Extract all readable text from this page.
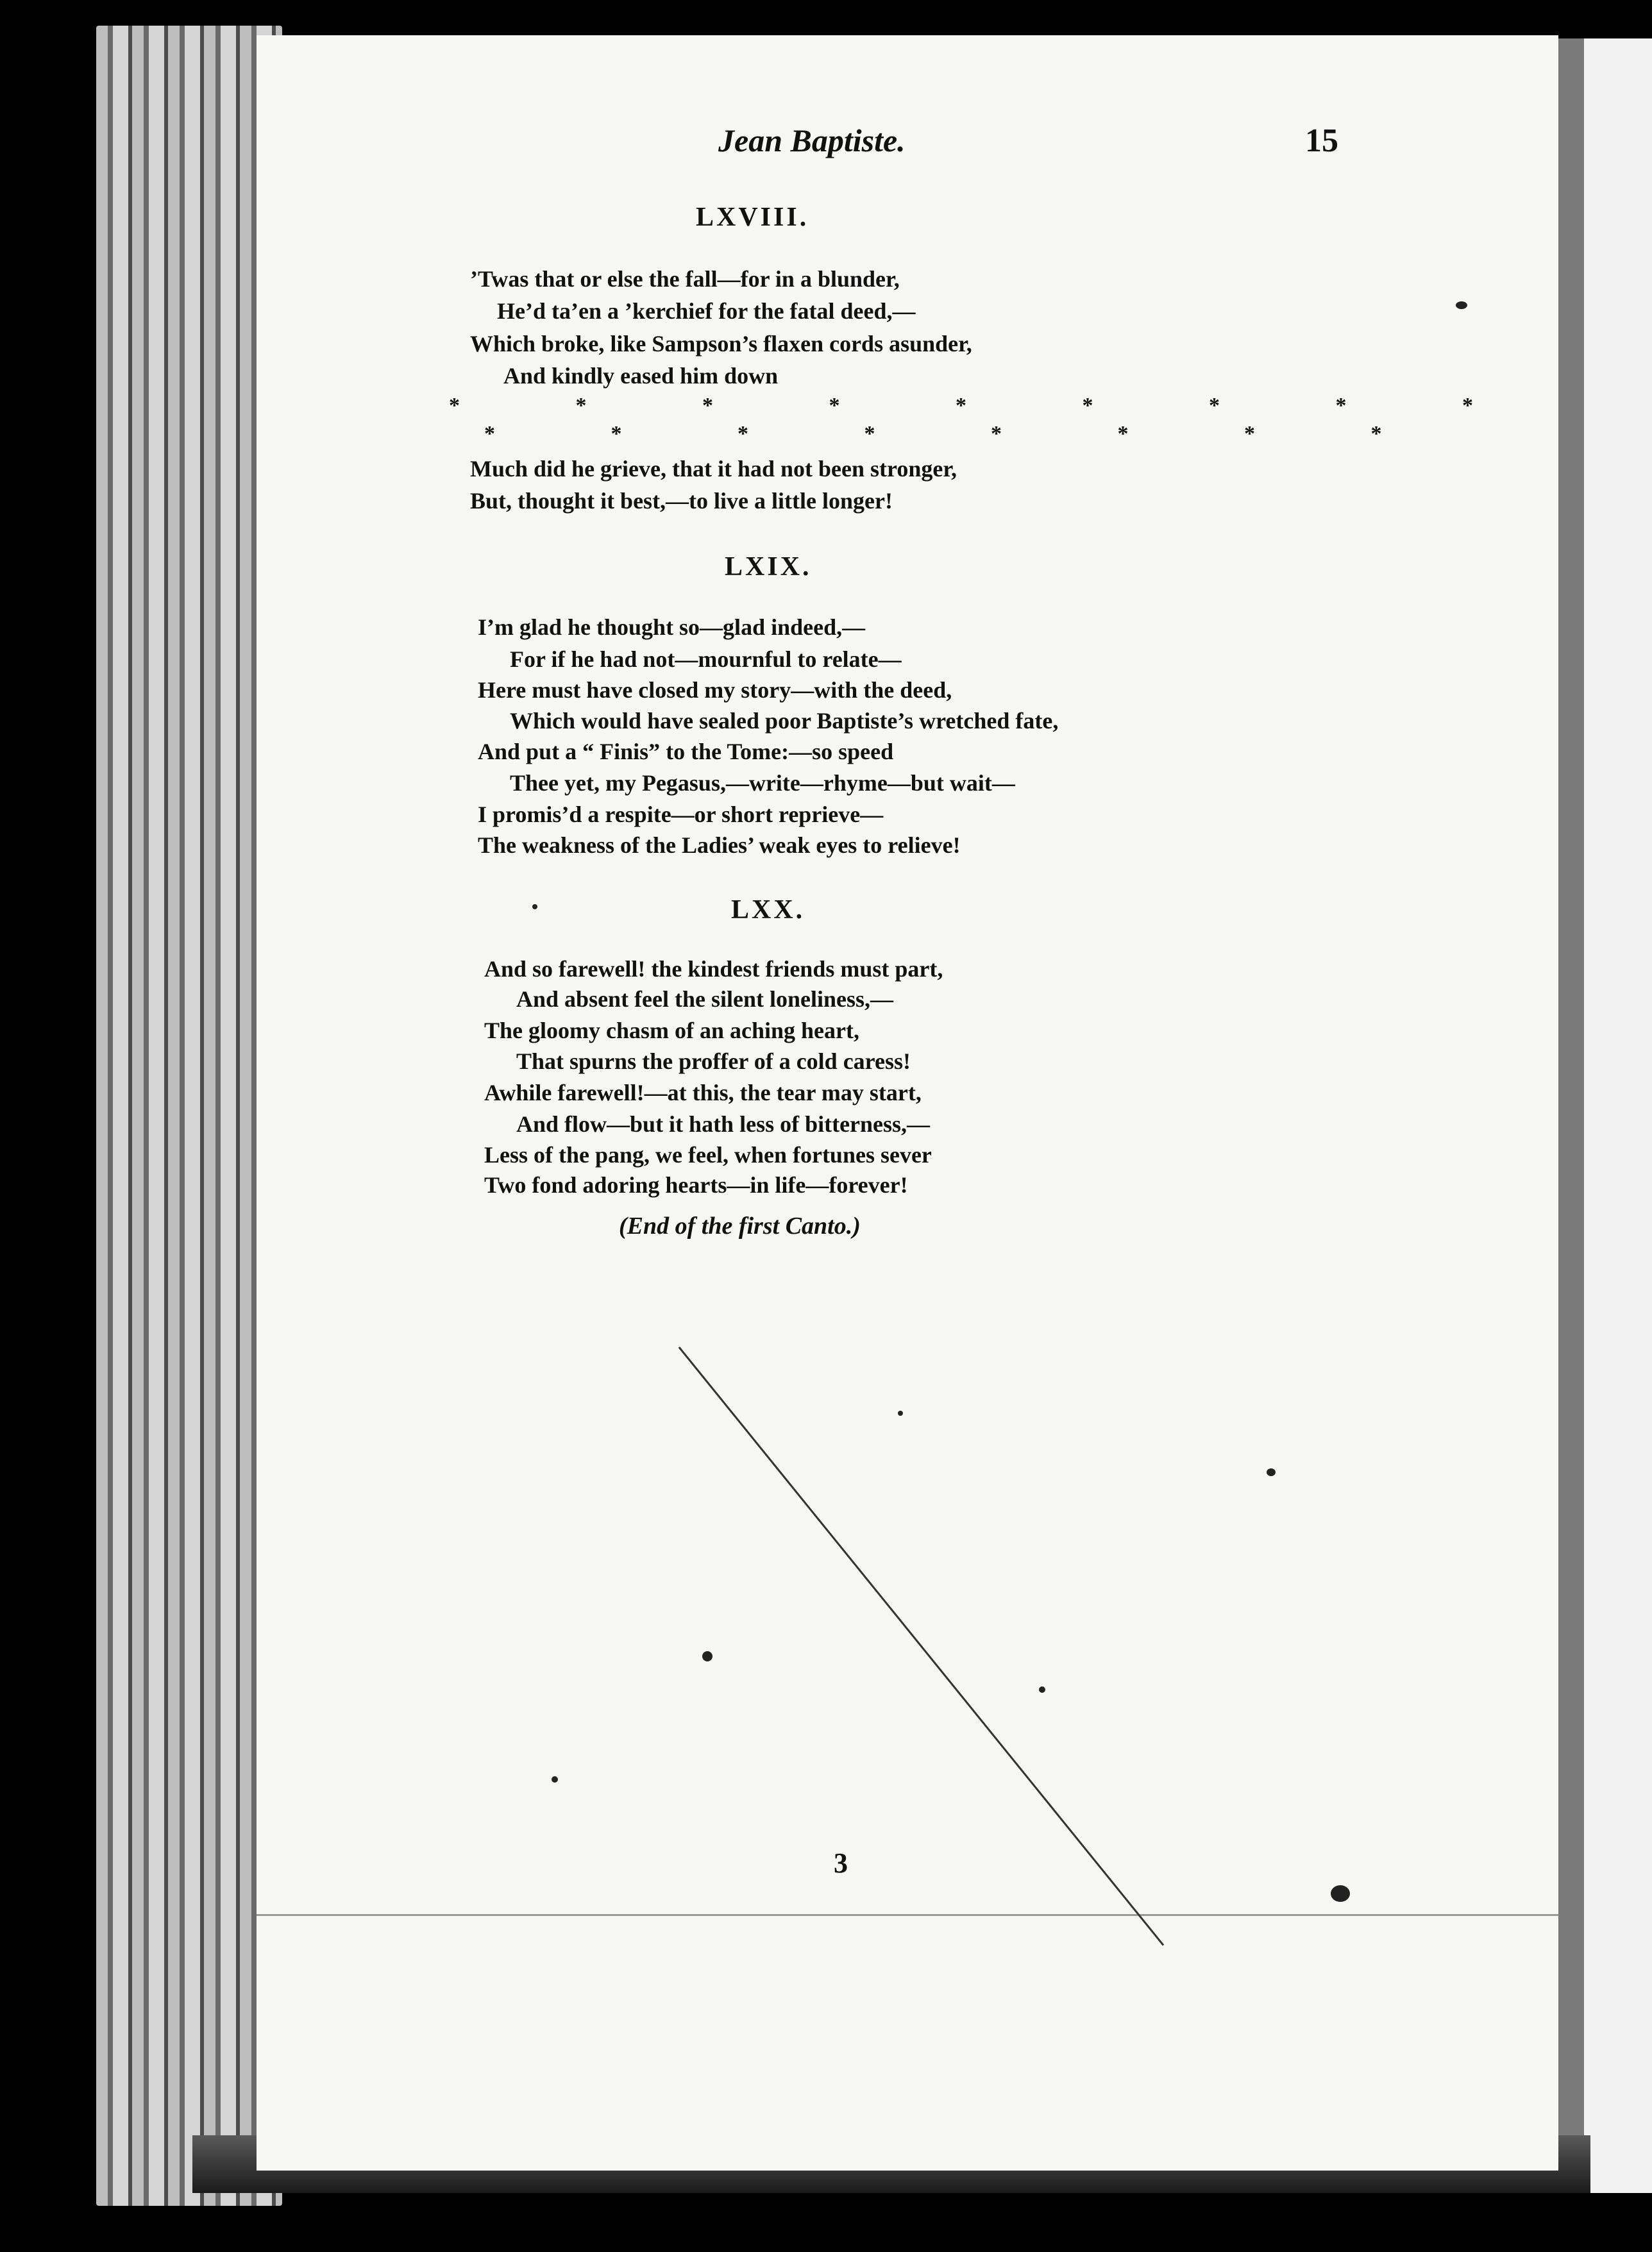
Jean Baptiste.	15
LXVIII.
’Twas that or else the fall—for in a blunder,
He’d ta’en a ’kerchief for the fatal deed,—
Which broke, like Sampson’s flaxen cords asunder,
And kindly eased him down
* * * * * * * * *
* * * * * * * *
Much did he grieve, that it had not been stronger,
But, thought it best,—to live a little longer!
LXIX.
I’m glad he thought so—glad indeed,—
For if he had not—mournful to relate—
Here must have closed my story—with the deed,
Which would have sealed poor Baptiste’s wretched fate,
And put a “ Finis” to the Tome:—so speed
Thee yet, my Pegasus,—write—rhyme—but wait—
I promis’d a respite—or short reprieve—
The weakness of the Ladies’ weak eyes to relieve!
LXX.
And so farewell! the kindest friends must part,
And absent feel the silent loneliness,—
The gloomy chasm of an aching heart,
That spurns the proffer of a cold caress!
Awhile farewell!—at this, the tear may start,
And flow—but it hath less of bitterness,—
Less of the pang, we feel, when fortunes sever
Two fond adoring hearts—in life—forever!
(End of the first Canto.)
3
